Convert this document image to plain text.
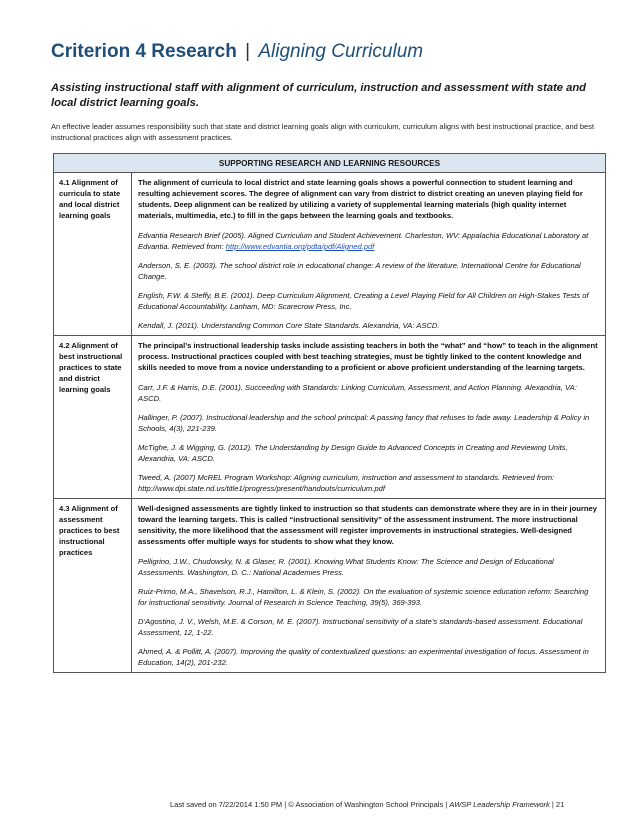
Criterion 4 Research | Aligning Curriculum
Assisting instructional staff with alignment of curriculum, instruction and assessment with state and local district learning goals.
An effective leader assumes responsibility such that state and district learning goals align with curriculum, curriculum aligns with best instructional practice, and best instructional practices align with assessment practices.
SUPPORTING RESEARCH AND LEARNING RESOURCES	
4.1 Alignment of curricula to state and local district learning goals	The alignment of curricula to local district and state learning goals shows a powerful connection to student learning and resulting achievement scores. The degree of alignment can vary from district to district creating an uneven playing field for students. Deep alignment can be realized by utilizing a variety of supplemental learning materials (high quality internet materials, multimedia, etc.) to fill in the gaps between the learning goals and textbooks.

Edvantia Research Brief (2005). Aligned Curriculum and Student Achievement. Charleston, WV: Appalachia Educational Laboratory at Edvantia. Retrieved from: http://www.edvantia.org/pdta/pdf/Aligned.pdf

Anderson, S. E. (2003). The school district role in educational change: A review of the literature. International Centre for Educational Change.

English, F.W. & Steffy, B.E. (2001). Deep Curriculum Alignment, Creating a Level Playing Field for All Children on High-Stakes Tests of Educational Accountability. Lanham, MD: Scarecrow Press, Inc.

Kendall, J. (2011). Understanding Common Core State Standards. Alexandria, VA: ASCD.

4.2 Alignment of best instructional practices to state and district learning goals	The principal’s instructional leadership tasks include assisting teachers in both the “what” and “how” to teach in the alignment process. Instructional practices coupled with best teaching strategies, must be tightly linked to the content knowledge and skills needed to move from a novice understanding to a proficient or above proficient understanding of the learning targets.

Carr, J.F. & Harris, D.E. (2001). Succeeding with Standards: Linking Curriculum, Assessment, and Action Planning. Alexandria, VA: ASCD.

Hallinger, P. (2007). Instructional leadership and the school principal: A passing fancy that refuses to fade away. Leadership & Policy in Schools, 4(3), 221-239.

McTighe, J. & Wigging, G. (2012). The Understanding by Design Guide to Advanced Concepts in Creating and Reviewing Units, Alexandria, VA: ASCD.

Tweed, A. (2007) McREL Program Workshop: Aligning curriculum, instruction and assessment to standards. Retrieved from: http://www.dpi.state.nd.us/title1/progress/present/handouts/curriculum.pdf

4.3 Alignment of assessment practices to best instructional practices	Well-designed assessments are tightly linked to instruction so that students can demonstrate where they are in in their journey toward the learning targets. This is called “instructional sensitivity” of the assessment instrument. The more instructional sensitivity, the more likelihood that the assessment will register improvements in instructional strategies. Well-designed assessments offer multiple ways for students to show what they know.

Pelligrino, J.W., Chudowsky, N. & Glaser, R. (2001). Knowing What Students Know: The Science and Design of Educational Assessments. Washington, D. C.: National Academies Press.

Ruiz-Primo, M.A., Shavelson, R.J., Hamilton, L. & Klein, S. (2002). On the evaluation of systemic science education reform: Searching for instructional sensitivity. Journal of Research in Science Teaching, 39(5), 369-393.

D’Agostino, J. V., Welsh, M.E. & Corson, M. E. (2007). Instructional sensitivity of a state’s standards-based assessment. Educational Assessment, 12, 1-22.

Ahmed, A. & Pollitt, A. (2007). Improving the quality of contextualized questions: an experimental investigation of focus. Assessment in Education, 14(2), 201-232.

Last saved on 7/22/2014 1:50 PM | © Association of Washington School Principals | AWSP Leadership Framework | 21
